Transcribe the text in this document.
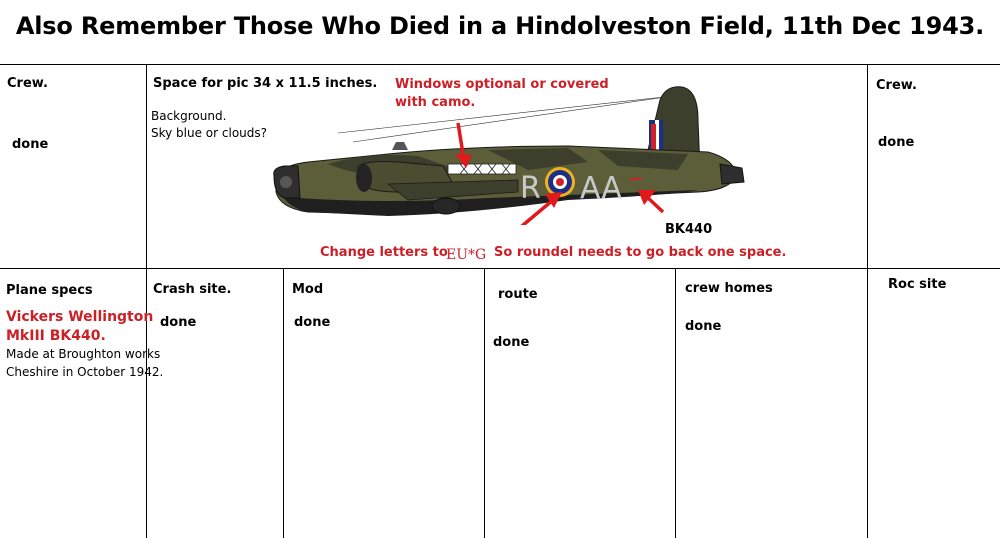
Also Remember Those Who Died in a Hindolveston Field, 11th Dec 1943.
Crew.
done
Space for pic 34 x 11.5 inches.
Background.
Sky blue or clouds?
Windows optional or covered
with camo.
R AA
BK440
Change letters to
EU*G So roundel needs to go back one space.
Crew.
done
Plane specs
Vickers Wellington
MkIII BK440.
Made at Broughton works
Cheshire in October 1942.
Crash site.
done
Mod
done
route
done
crew homes
done
Roc site
